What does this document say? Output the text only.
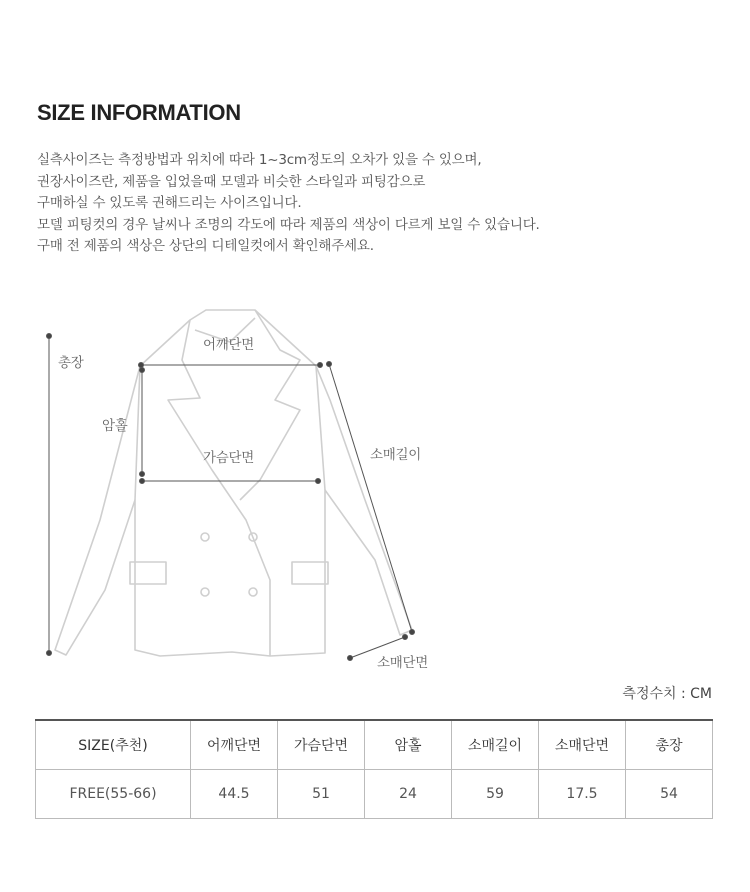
SIZE INFORMATION
실측사이즈는 측정방법과 위치에 따라 1~3cm정도의 오차가 있을 수 있으며,
권장사이즈란, 제품을 입었을때 모델과 비슷한 스타일과 피팅감으로
구매하실 수 있도록 권해드리는 사이즈입니다.
모델 피팅컷의 경우 날씨나 조명의 각도에 따라 제품의 색상이 다르게 보일 수 있습니다.
구매 전 제품의 색상은 상단의 디테일컷에서 확인해주세요.
총장
어깨단면
암홀
가슴단면	소매길이
소매단면
측정수치 : CM
SIZE(추천)	어깨단면	가슴단면	암홀	소매길이	소매단면	총장
FREE(55-66)	44.5	51	24	59	17.5	54
